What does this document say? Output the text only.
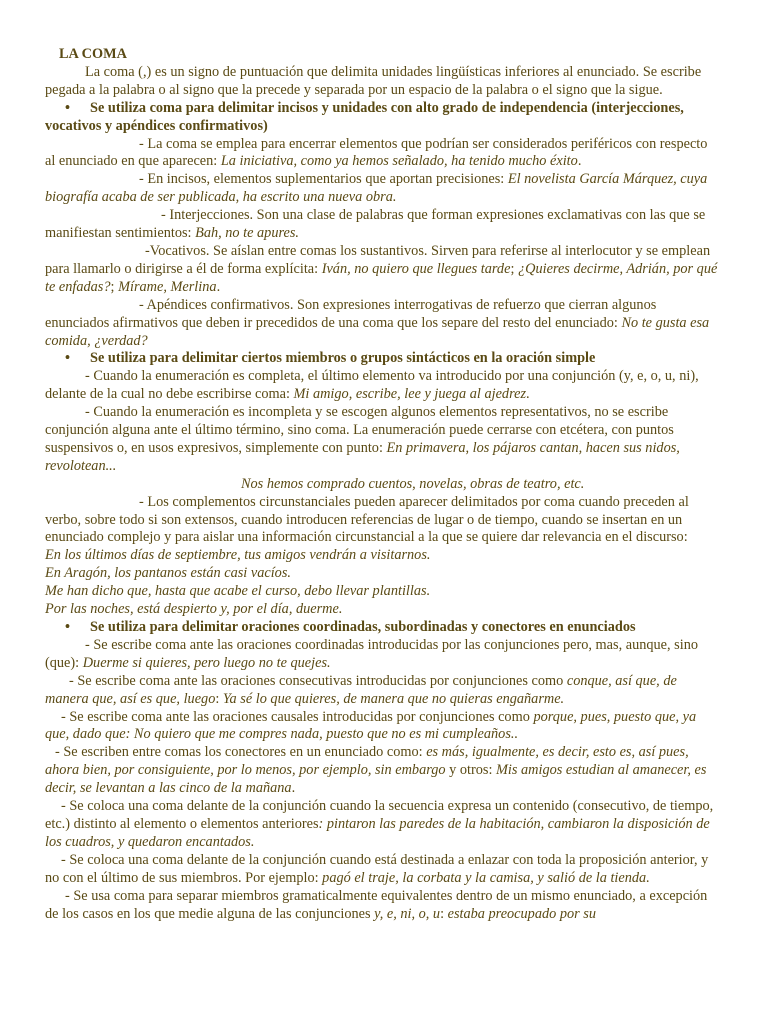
LA COMA

La coma (,) es un signo de puntuación que delimita unidades lingüísticas inferiores al enunciado. Se escribe pegada a la palabra o al signo que la precede y separada por un espacio de la palabra o el signo que la sigue.

• Se utiliza coma para delimitar incisos y unidades con alto grado de independencia (interjecciones, vocativos y apéndices confirmativos)

- La coma se emplea para encerrar elementos que podrían ser considerados periféricos con respecto al enunciado en que aparecen: La iniciativa, como ya hemos señalado, ha tenido mucho éxito.

- En incisos, elementos suplementarios que aportan precisiones: El novelista García Márquez, cuya biografía acaba de ser publicada, ha escrito una nueva obra.

- Interjecciones. Son una clase de palabras que forman expresiones exclamativas con las que se manifiestan sentimientos: Bah, no te apures.

-Vocativos. Se aíslan entre comas los sustantivos. Sirven para referirse al interlocutor y se emplean para llamarlo o dirigirse a él de forma explícita: Iván, no quiero que llegues tarde; ¿Quieres decirme, Adrián, por qué te enfadas?; Mírame, Merlina.

- Apéndices confirmativos. Son expresiones interrogativas de refuerzo que cierran algunos enunciados afirmativos que deben ir precedidos de una coma que los separe del resto del enunciado: No te gusta esa comida, ¿verdad?

• Se utiliza para delimitar ciertos miembros o grupos sintácticos en la oración simple

- Cuando la enumeración es completa, el último elemento va introducido por una conjunción (y, e, o, u, ni), delante de la cual no debe escribirse coma: Mi amigo, escribe, lee y juega al ajedrez.

- Cuando la enumeración es incompleta y se escogen algunos elementos representativos, no se escribe conjunción alguna ante el último término, sino coma. La enumeración puede cerrarse con etcétera, con puntos suspensivos o, en usos expresivos, simplemente con punto: En primavera, los pájaros cantan, hacen sus nidos, revolotean...

Nos hemos comprado cuentos, novelas, obras de teatro, etc.

- Los complementos circunstanciales pueden aparecer delimitados por coma cuando preceden al verbo, sobre todo si son extensos, cuando introducen referencias de lugar o de tiempo, cuando se insertan en un enunciado complejo y para aislar una información circunstancial a la que se quiere dar relevancia en el discurso:

En los últimos días de septiembre, tus amigos vendrán a visitarnos.

En Aragón, los pantanos están casi vacíos.

Me han dicho que, hasta que acabe el curso, debo llevar plantillas.

Por las noches, está despierto y, por el día, duerme.

• Se utiliza para delimitar oraciones coordinadas, subordinadas y conectores en enunciados

- Se escribe coma ante las oraciones coordinadas introducidas por las conjunciones pero, mas, aunque, sino (que): Duerme si quieres, pero luego no te quejes.

- Se escribe coma ante las oraciones consecutivas introducidas por conjunciones como conque, así que, de manera que, así es que, luego: Ya sé lo que quieres, de manera que no quieras engañarme.

- Se escribe coma ante las oraciones causales introducidas por conjunciones como porque, pues, puesto que, ya que, dado que: No quiero que me compres nada, puesto que no es mi cumpleaños..

- Se escriben entre comas los conectores en un enunciado como: es más, igualmente, es decir, esto es, así pues, ahora bien, por consiguiente, por lo menos, por ejemplo, sin embargo y otros: Mis amigos estudian al amanecer, es decir, se levantan a las cinco de la mañana.

- Se coloca una coma delante de la conjunción cuando la secuencia expresa un contenido (consecutivo, de tiempo, etc.) distinto al elemento o elementos anteriores: pintaron las paredes de la habitación, cambiaron la disposición de los cuadros, y quedaron encantados.

- Se coloca una coma delante de la conjunción cuando está destinada a enlazar con toda la proposición anterior, y no con el último de sus miembros. Por ejemplo: pagó el traje, la corbata y la camisa, y salió de la tienda.

- Se usa coma para separar miembros gramaticalmente equivalentes dentro de un mismo enunciado, a excepción de los casos en los que medie alguna de las conjunciones y, e, ni, o, u: estaba preocupado por su
